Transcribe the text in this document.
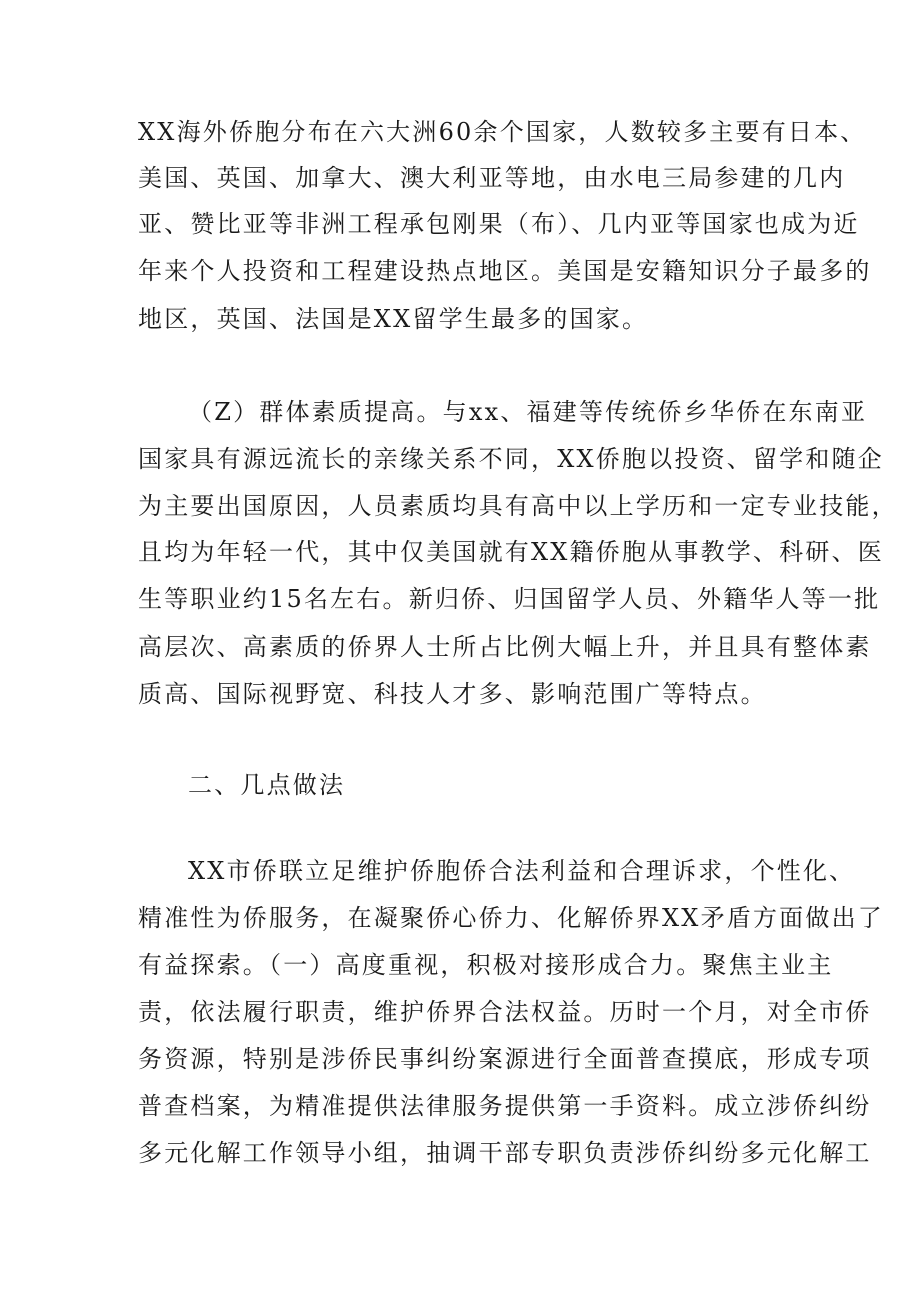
XX海外侨胞分布在六大洲60余个国家，人数较多主要有日本、
美国、英国、加拿大、澳大利亚等地，由水电三局参建的几内
亚、赞比亚等非洲工程承包刚果（布）、几内亚等国家也成为近
年来个人投资和工程建设热点地区。美国是安籍知识分子最多的
地区，英国、法国是XX留学生最多的国家。
（Z）群体素质提高。与xx、福建等传统侨乡华侨在东南亚
国家具有源远流长的亲缘关系不同，XX侨胞以投资、留学和随企
为主要出国原因，人员素质均具有高中以上学历和一定专业技能，
且均为年轻一代，其中仅美国就有XX籍侨胞从事教学、科研、医
生等职业约15名左右。新归侨、归国留学人员、外籍华人等一批
高层次、高素质的侨界人士所占比例大幅上升，并且具有整体素
质高、国际视野宽、科技人才多、影响范围广等特点。
二、几点做法
XX市侨联立足维护侨胞侨合法利益和合理诉求，个性化、
精准性为侨服务，在凝聚侨心侨力、化解侨界XX矛盾方面做出了
有益探索。（一）高度重视，积极对接形成合力。聚焦主业主
责，依法履行职责，维护侨界合法权益。历时一个月，对全市侨
务资源，特别是涉侨民事纠纷案源进行全面普查摸底，形成专项
普查档案，为精准提供法律服务提供第一手资料。成立涉侨纠纷
多元化解工作领导小组，抽调干部专职负责涉侨纠纷多元化解工
